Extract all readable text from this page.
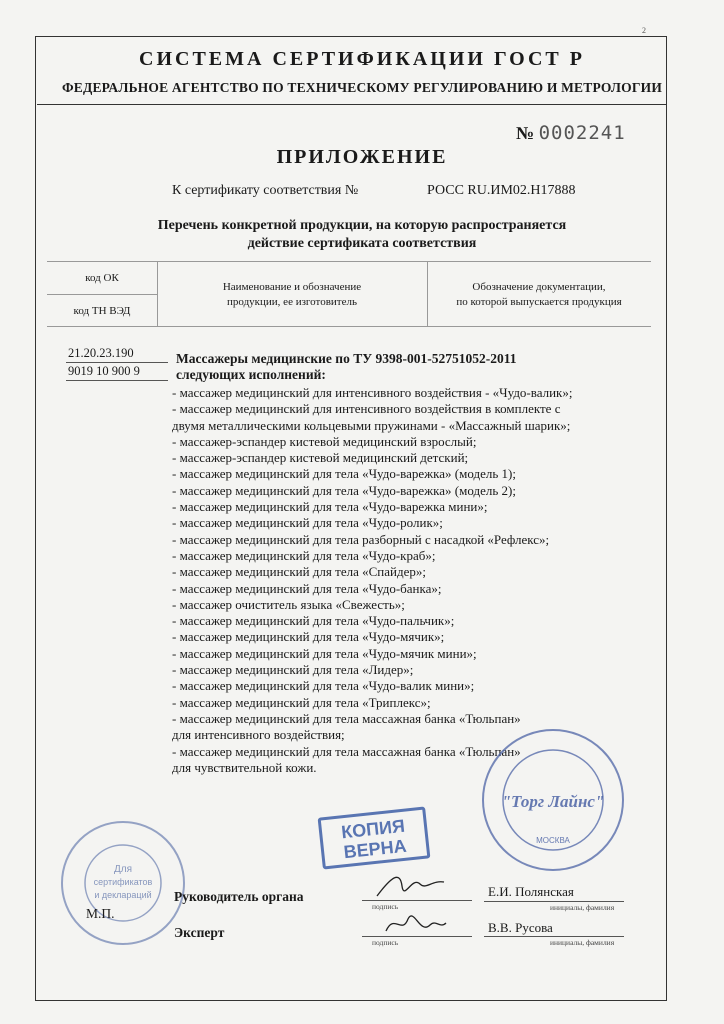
2
СИСТЕМА СЕРТИФИКАЦИИ ГОСТ Р
ФЕДЕРАЛЬНОЕ АГЕНТСТВО ПО ТЕХНИЧЕСКОМУ РЕГУЛИРОВАНИЮ И МЕТРОЛОГИИ
№ 0002241
ПРИЛОЖЕНИЕ
К сертификату соответствия №	РОСС RU.ИМ02.Н17888
Перечень конкретной продукции, на которую распространяется
действие сертификата соответствия
код ОК
код ТН ВЭД
Наименование и обозначение
продукции, ее изготовитель
Обозначение документации,
по которой выпускается продукция
21.20.23.190
9019 10 900 9
Массажеры медицинские по ТУ 9398-001-52751052-2011
следующих исполнений:
- массажер медицинский для интенсивного воздействия - «Чудо-валик»;
- массажер медицинский для интенсивного воздействия в комплекте с
двумя металлическими кольцевыми пружинами - «Массажный шарик»;
- массажер-эспандер кистевой медицинский взрослый;
- массажер-эспандер кистевой медицинский детский;
- массажер медицинский для тела «Чудо-варежка» (модель 1);
- массажер медицинский для тела «Чудо-варежка» (модель 2);
- массажер медицинский для тела «Чудо-варежка мини»;
- массажер медицинский для тела «Чудо-ролик»;
- массажер медицинский для тела разборный с насадкой «Рефлекс»;
- массажер медицинский для тела «Чудо-краб»;
- массажер медицинский для тела «Спайдер»;
- массажер медицинский для тела «Чудо-банка»;
- массажер очиститель языка «Свежесть»;
- массажер медицинский для тела «Чудо-пальчик»;
- массажер медицинский для тела «Чудо-мячик»;
- массажер медицинский для тела «Чудо-мячик мини»;
- массажер медицинский для тела «Лидер»;
- массажер медицинский для тела «Чудо-валик мини»;
- массажер медицинский для тела «Триплекс»;
- массажер медицинский для тела массажная банка «Тюльпан»
для интенсивного воздействия;
- массажер медицинский для тела массажная банка «Тюльпан»
для чувствительной кожи.
Для
сертификатов
и деклараций
"Торг Лайнс"
МОСКВА
КОПИЯ
ВЕРНА
Руководитель органа
Эксперт
М.П.	подпись
подпись
Е.И. Полянская
инициалы, фамилия
В.В. Русова
инициалы, фамилия
